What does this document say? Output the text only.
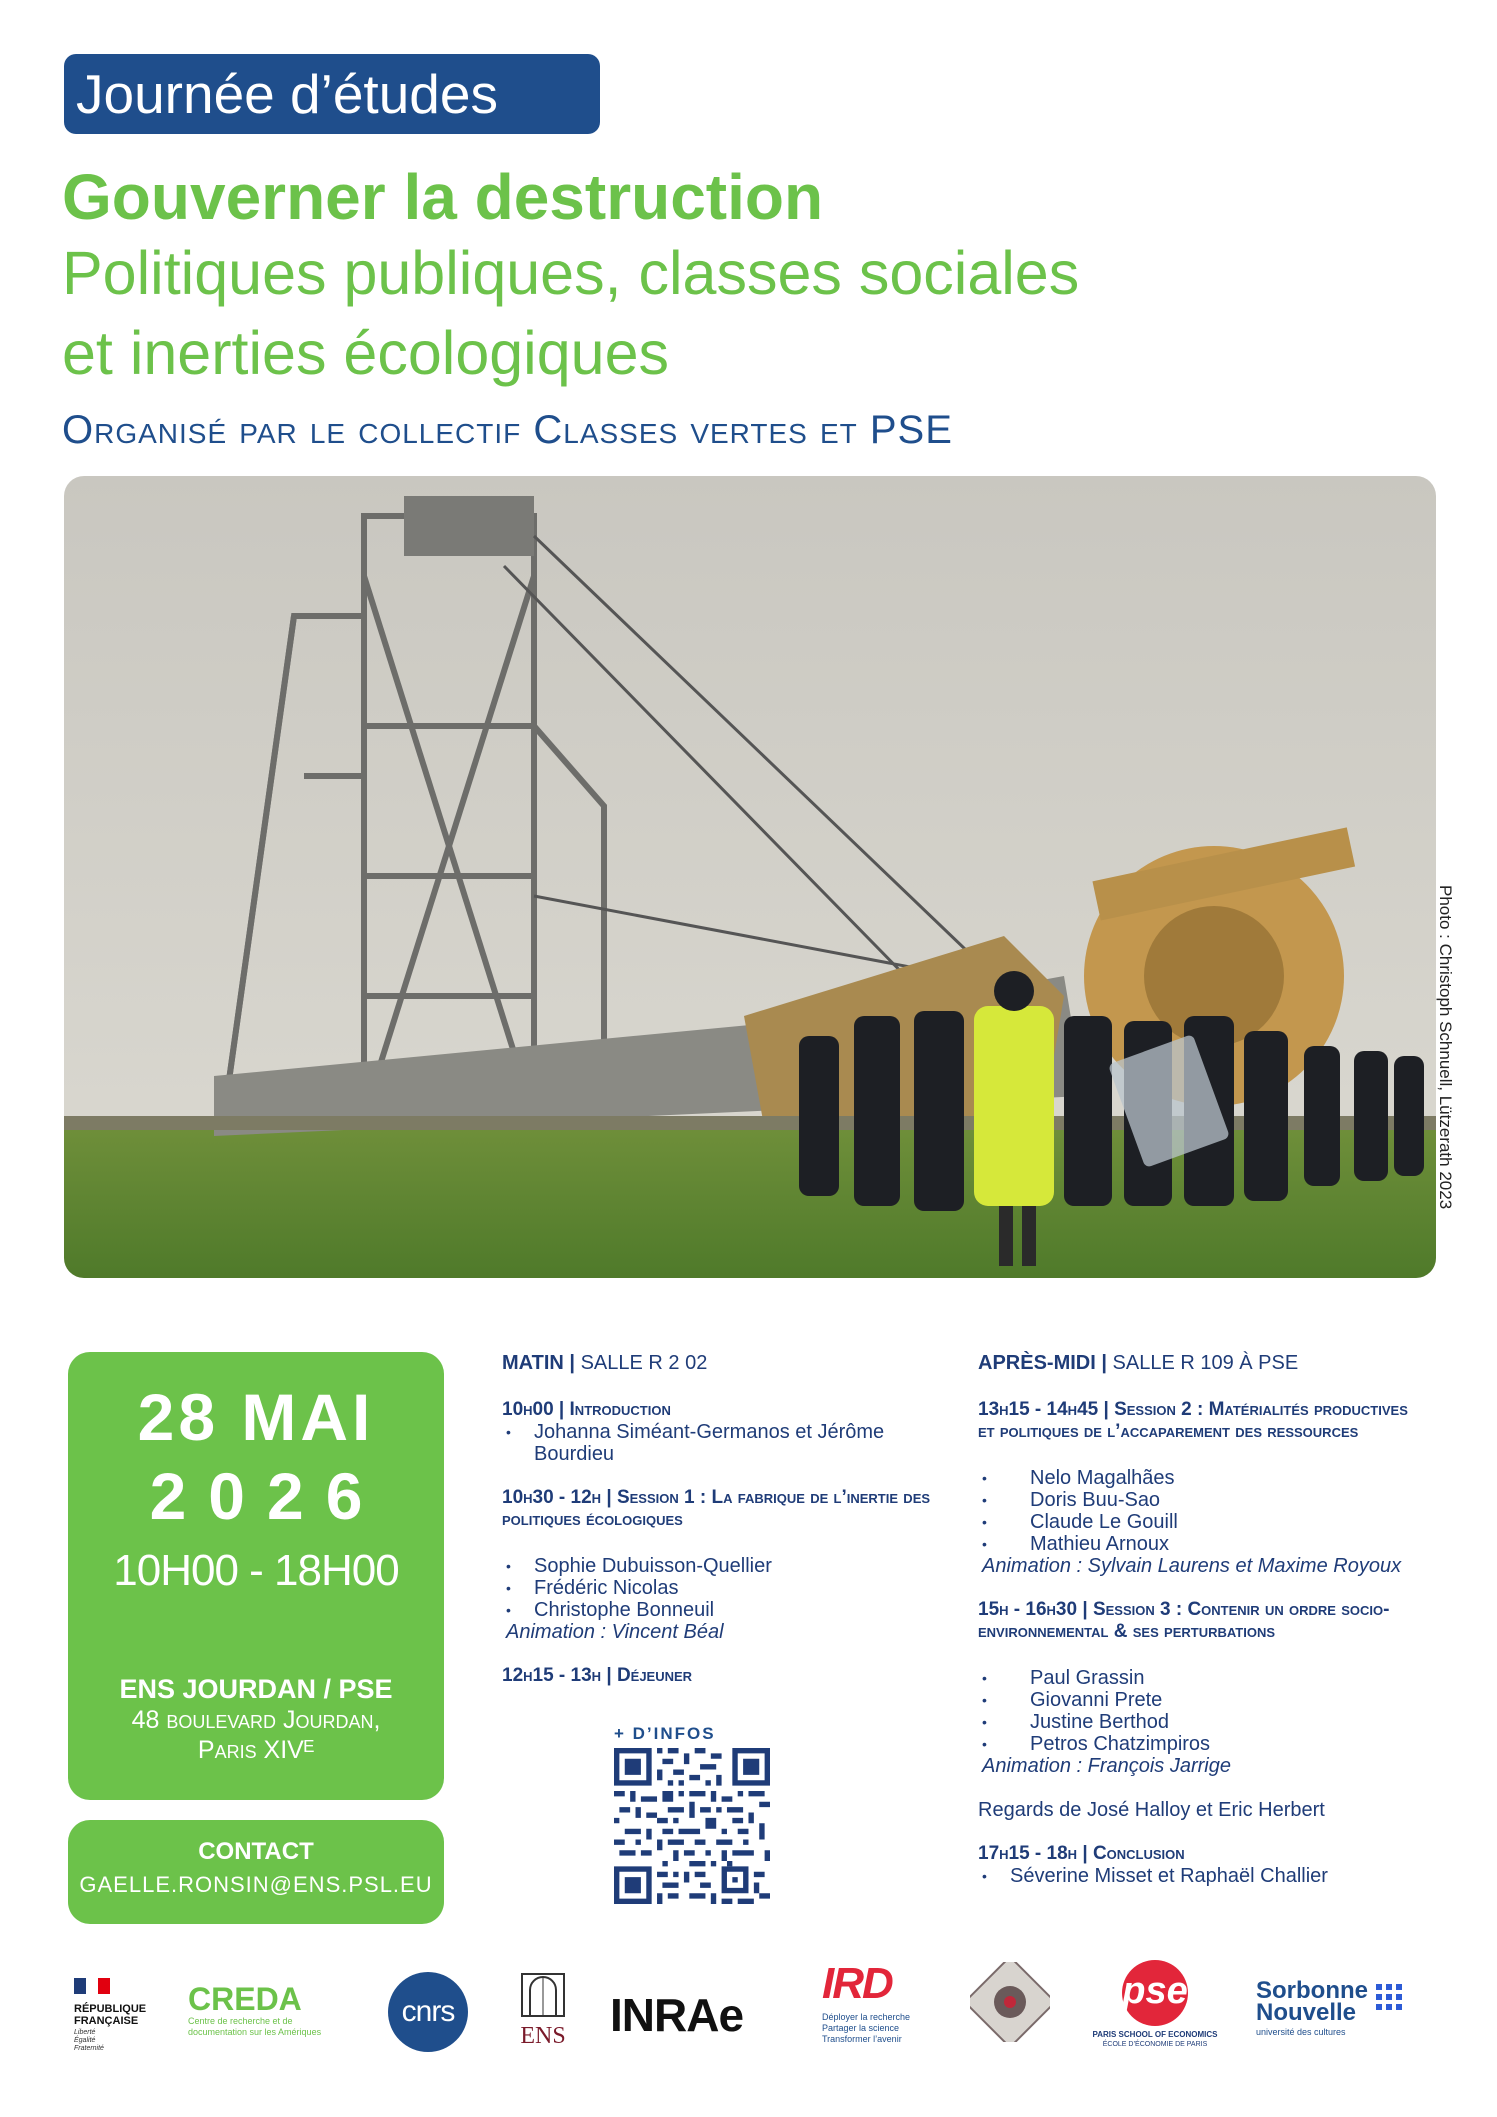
Journée d’études
Gouverner la destruction
Politiques publiques, classes sociales
et inerties écologiques
Organisé par le collectif Classes vertes et PSE
Photo : Christoph Schnuell, Lützerath 2023
28 MAI
2026
10H00 - 18H00
ENS JOURDAN / PSE
48 boulevard Jourdan,
Paris XIVᴱ
CONTACT
GAELLE.RONSIN@ENS.PSL.EU
MATIN | SALLE R 2 02
10h00 | Introduction
• Johanna Siméant-Germanos et Jérôme Bourdieu
10h30 - 12h | Session 1 : La fabrique de l’inertie des politiques écologiques
• Sophie Dubuisson-Quellier
• Frédéric Nicolas
• Christophe Bonneuil
Animation : Vincent Béal
12h15 - 13h | Déjeuner
+ D’INFOS
APRÈS-MIDI | SALLE R 109 À PSE
13h15 - 14h45 | Session 2 : Matérialités productives et politiques de l’accaparement des ressources
• Nelo Magalhães
• Doris Buu-Sao
• Claude Le Gouill
• Mathieu Arnoux
Animation : Sylvain Laurens et Maxime Royoux
15h - 16h30 | Session 3 : Contenir un ordre socio-environnemental & ses perturbations
• Paul Grassin
• Giovanni Prete
• Justine Berthod
• Petros Chatzimpiros
Animation : François Jarrige
Regards de José Halloy et Eric Herbert
17h15 - 18h | Conclusion
• Séverine Misset et Raphaël Challier
RÉPUBLIQUE
FRANÇAISE
Liberté
Égalité
Fraternité
CREDA
Centre de recherche et de
documentation sur les Amériques
cnrs
ENS INRAe
IRD
Déployer la recherche
Partager la science
Transformer l’avenir
pse
PARIS SCHOOL OF ECONOMICS
ÉCOLE D’ÉCONOMIE DE PARIS
Sorbonne
Nouvelle
université des cultures
